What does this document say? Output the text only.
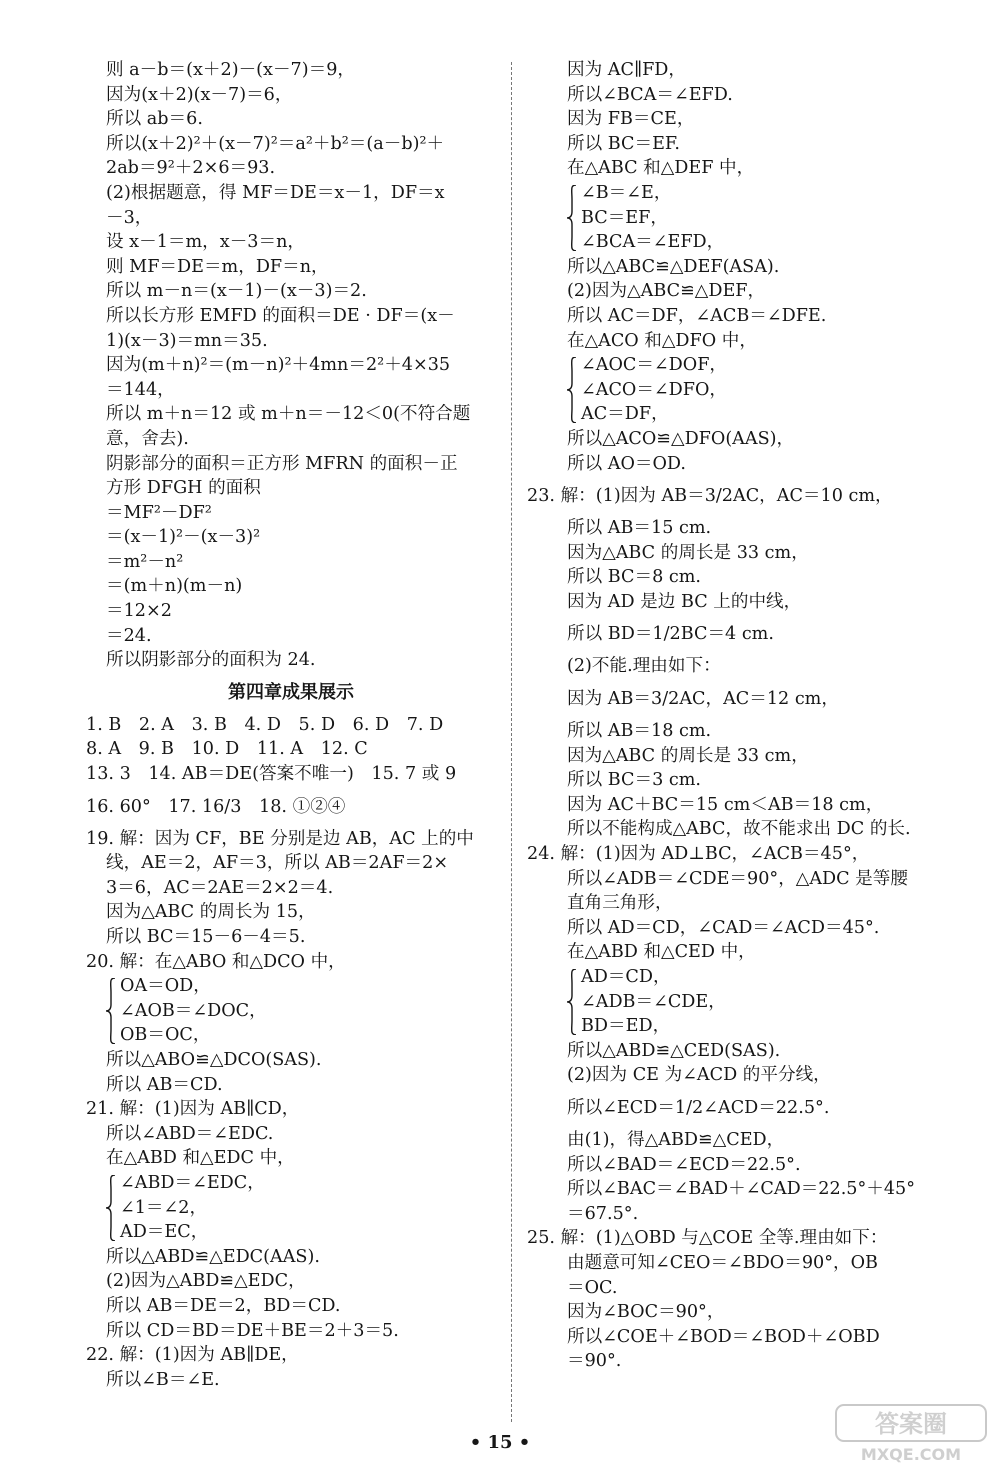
则 a－b＝(x＋2)－(x－7)＝9，
因为(x＋2)(x－7)＝6，
所以 ab＝6.
所以(x＋2)²＋(x－7)²＝a²＋b²＝(a－b)²＋
2ab＝9²＋2×6＝93.
(2)根据题意，得 MF＝DE＝x－1，DF＝x
－3，
设 x－1＝m，x－3＝n，
则 MF＝DE＝m，DF＝n，
所以 m－n＝(x－1)－(x－3)＝2.
所以长方形 EMFD 的面积＝DE · DF＝(x－
1)(x－3)＝mn＝35.
因为(m＋n)²＝(m－n)²＋4mn＝2²＋4×35
＝144，
所以 m＋n＝12 或 m＋n＝－12＜0(不符合题
意，舍去).
阴影部分的面积＝正方形 MFRN 的面积－正
方形 DFGH 的面积
＝MF²－DF²
＝(x－1)²－(x－3)²
＝m²－n²
＝(m＋n)(m－n)
＝12×2
＝24.
所以阴影部分的面积为 24.
第四章成果展示
1. B　2. A　3. B　4. D　5. D　6. D　7. D
8. A　9. B　10. D　11. A　12. C
13. 3　14. AB＝DE(答案不唯一)　15. 7 或 9
16. 60°　17. 16/3　18. ①②④
19. 解：因为 CF，BE 分别是边 AB，AC 上的中
线，AE＝2，AF＝3，所以 AB＝2AF＝2×
3＝6，AC＝2AE＝2×2＝4.
因为△ABC 的周长为 15，
所以 BC＝15－6－4＝5.
20. 解：在△ABO 和△DCO 中，
OA＝OD，
∠AOB＝∠DOC，
OB＝OC，
所以△ABO≌△DCO(SAS).
所以 AB＝CD.
21. 解：(1)因为 AB∥CD，
所以∠ABD＝∠EDC.
在△ABD 和△EDC 中，
∠ABD＝∠EDC，
∠1＝∠2，
AD＝EC，
所以△ABD≌△EDC(AAS).
(2)因为△ABD≌△EDC，
所以 AB＝DE＝2，BD＝CD.
所以 CD＝BD＝DE＋BE＝2＋3＝5.
22. 解：(1)因为 AB∥DE，
所以∠B＝∠E.
因为 AC∥FD，
所以∠BCA＝∠EFD.
因为 FB＝CE，
所以 BC＝EF.
在△ABC 和△DEF 中，
∠B＝∠E，
BC＝EF，
∠BCA＝∠EFD，
所以△ABC≌△DEF(ASA).
(2)因为△ABC≌△DEF，
所以 AC＝DF，∠ACB＝∠DFE.
在△ACO 和△DFO 中，
∠AOC＝∠DOF，
∠ACO＝∠DFO，
AC＝DF，
所以△ACO≌△DFO(AAS)，
所以 AO＝OD.
23. 解：(1)因为 AB＝3/2AC，AC＝10 cm，
所以 AB＝15 cm.
因为△ABC 的周长是 33 cm，
所以 BC＝8 cm.
因为 AD 是边 BC 上的中线，
所以 BD＝1/2BC＝4 cm.
(2)不能.理由如下：
因为 AB＝3/2AC，AC＝12 cm，
所以 AB＝18 cm.
因为△ABC 的周长是 33 cm，
所以 BC＝3 cm.
因为 AC＋BC＝15 cm＜AB＝18 cm，
所以不能构成△ABC，故不能求出 DC 的长.
24. 解：(1)因为 AD⊥BC，∠ACB＝45°，
所以∠ADB＝∠CDE＝90°，△ADC 是等腰
直角三角形，
所以 AD＝CD，∠CAD＝∠ACD＝45°.
在△ABD 和△CED 中，
AD＝CD，
∠ADB＝∠CDE，
BD＝ED，
所以△ABD≌△CED(SAS).
(2)因为 CE 为∠ACD 的平分线，
所以∠ECD＝1/2∠ACD＝22.5°.
由(1)，得△ABD≌△CED，
所以∠BAD＝∠ECD＝22.5°.
所以∠BAC＝∠BAD＋∠CAD＝22.5°＋45°
＝67.5°.
25. 解：(1)△OBD 与△COE 全等.理由如下：
由题意可知∠CEO＝∠BDO＝90°，OB
＝OC.
因为∠BOC＝90°，
所以∠COE＋∠BOD＝∠BOD＋∠OBD
＝90°.
• 15 •
答案圈
MXQE.COM
